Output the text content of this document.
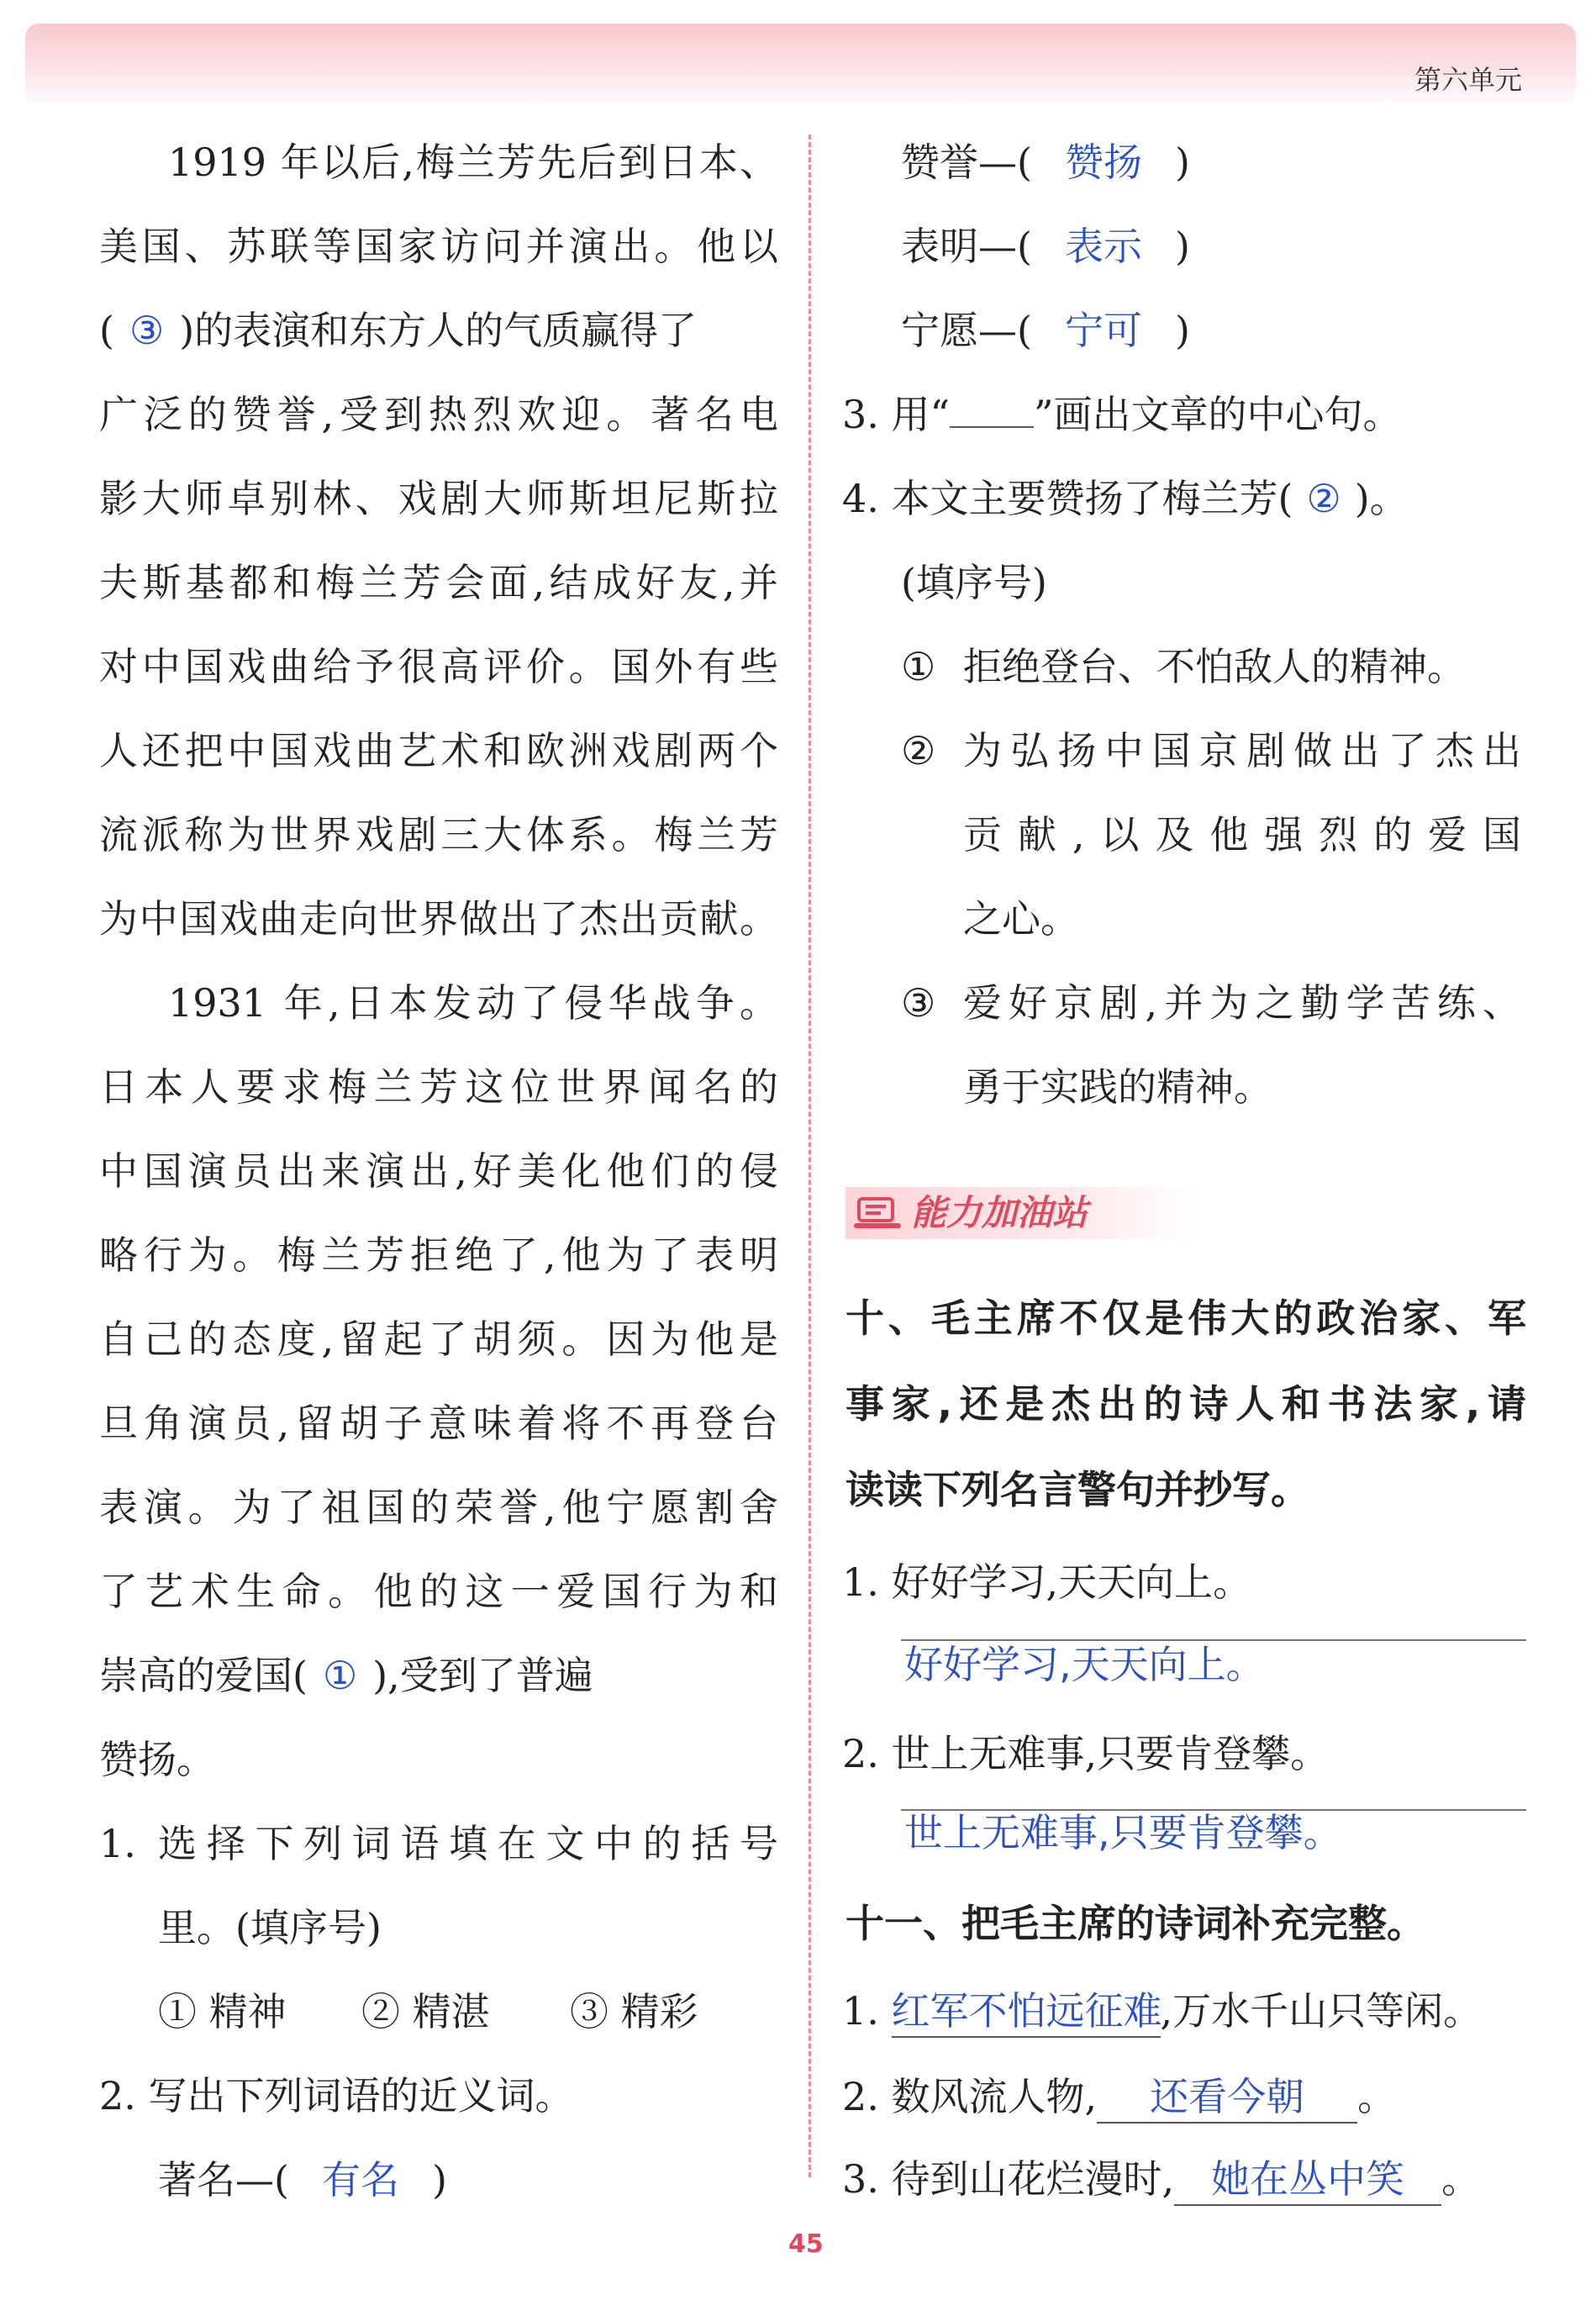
第六单元
1919 年以后,梅兰芳先后到日本、
美国、苏联等国家访问并演出。他以
( ③ )的表演和东方人的气质赢得了
广泛的赞誉,受到热烈欢迎。著名电
影大师卓别林、戏剧大师斯坦尼斯拉
夫斯基都和梅兰芳会面,结成好友,并
对中国戏曲给予很高评价。国外有些
人还把中国戏曲艺术和欧洲戏剧两个
流派称为世界戏剧三大体系。梅兰芳
为中国戏曲走向世界做出了杰出贡献。
1931 年,日本发动了侵华战争。
日本人要求梅兰芳这位世界闻名的
中国演员出来演出,好美化他们的侵
略行为。梅兰芳拒绝了,他为了表明
自己的态度,留起了胡须。因为他是
旦角演员,留胡子意味着将不再登台
表演。为了祖国的荣誉,他宁愿割舍
了艺术生命。他的这一爱国行为和
崇高的爱国( ① ),受到了普遍
赞扬。
1. 选择下列词语填在文中的括号
里。(填序号)
① 精神 ② 精湛 ③ 精彩
2. 写出下列词语的近义词。
著名—( 有名 )
赞誉—( 赞扬 )
表明—( 表示 )
宁愿—( 宁可 )
3. 用“ ”画出文章的中心句。
4. 本文主要赞扬了梅兰芳( ② )。
(填序号)
① 拒绝登台、不怕敌人的精神。
② 为弘扬中国京剧做出了杰出
贡献,以及他强烈的爱国
之心。
③ 爱好京剧,并为之勤学苦练、
勇于实践的精神。
能力加油站
十、毛主席不仅是伟大的政治家、军
事家,还是杰出的诗人和书法家,请
读读下列名言警句并抄写。
1. 好好学习,天天向上。
好好学习,天天向上。
2. 世上无难事,只要肯登攀。
世上无难事,只要肯登攀。
十一、把毛主席的诗词补充完整。
1. 红军不怕远征难,万水千山只等闲。
2. 数风流人物, 还看今朝 。
3. 待到山花烂漫时, 她在丛中笑 。
45
